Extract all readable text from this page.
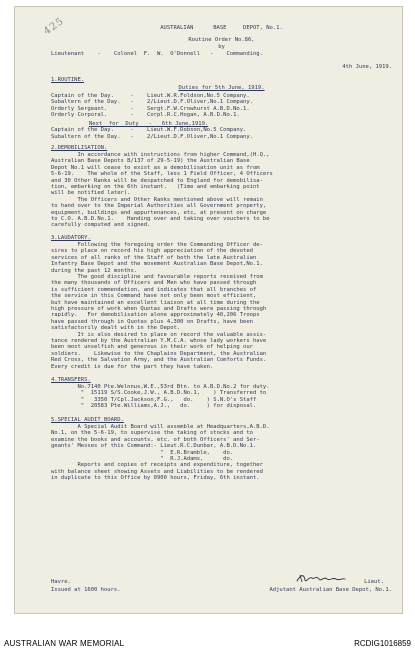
425	AUSTRALIAN      BASE     DEPOT, No.1.
Routine Order No.86,
by
Lieutenant    -    Colonel  F.  W.  O'Donnell   -    Commanding.
4th June, 1919.
1.ROUTINE.
Duties for 5th June, 1919.
Captain of the Day.     -    Lieut.W.R.Foldson,No.5 Company.
Subaltern of the Day.   -    2/Lieut.D.F.Oliver,No.1 Company.
Orderly Sergeant.       -    Sergt.F.W.Crowhurst A.B.D.No.1.
Orderly Corporal.       -    Corpl.R.C.Hogan, A.B.D.No.1.
Next  for  Duty   -   6th June,1919.
Captain of the Day.     -    Lieut.W.F.Dobson,No.5 Company.
Subaltern of the Day.   -    2/Lieut.D.F.Oliver,No.1 Company.
2.DEMOBILISATION.
In accordance with instructions from higher Command,(H.Q.,
Australian Base Depots B/137 of 29-5-19) the Australian Base
Depot No.1 will cease to exist as a demobilisation unit as from
5-6-19.    The whole of the Staff, less 1 Field Officer, 4 Officers
and 30 Other Ranks will be despatched to England for demobilisa-
tion, embarking on the 6th instant.   (Time and embarking point
will be notified later).
The Officers and Other Ranks mentioned above will remain
to hand over to the Imperial Authorities all Government property,
equipment, buildings and appurtenances, etc, at present on charge
to C.O. A.B.D.No.1.    Handing over and taking over vouchers to be
carefully computed and signed.
3.LAUDATORY.
Following the foregoing order the Commanding Officer de-
sires to place on record his high appreciation of the devoted
services of all ranks of the Staff of both the late Australian
Infantry Base Depot and the movement Australian Base Depot,No.1.
during the past 12 months.
The good discipline and favourable reports received from
the many thousands of Officers and Men who have passed through
is sufficient commendation, and indicates that all branches of
the service in this Command have not only been most efficient,
but have maintained an excellent liaison at all time during the
high pressure of work when Quotas and Drafts were passing through
rapidly.   For demobilisation alone approximately 40,206 Troops
have passed through in Quotas plus 4,300 on Drafts, have been
satisfactorily dealt with in the Depot.
It is also desired to place on record the valuable assis-
tance rendered by the Australian Y.M.C.A. whose lady workers have
been most unselfish and generous in their work of helping our
soldiers.    Likewise to the Chaplains Department, the Australian
Red Cross, the Salvation Army, and the Australian Comforts Funds.
Every credit is due for the part they have taken.
4.TRANSFERS.
No.7140 Pte.Welnnus,W.E.,53rd Btn. to A.B.D.No.2 for duty.
"  15119 S/S.Cooke,J.W., A.B.D.No.1,    ) Transferred to
"   3350 T/Cpl.Jackson,F.G.,   do.    ) S.N.O's Staff
"  20583 Pte.Williams,A.J.,   do.     ) for disposal.
5.SPECIAL AUDIT BOARD.
A Special Audit Board will assemble at Headquarters,A.B.D.
No.1, on the 5-6-19, to supervise the taking of stocks and to
examine the books and accounts, etc. of both Officers' and Ser-
geants' Messes of this Command:- Lieut.R.C.Dunbar, A.B.D.No.1.
"  E.R.Bramble,    do.
"  R.J.Adams,      do.
Reports and copies of receipts and expenditure, together
with balance sheet showing Assets and Liabilities to be rendered
in duplicate to this Office by 0900 hours, Friday, 6th instant.
Havre.	Lieut.
Issued at 1600 hours.	Adjutant Australian Base Depot, No.1.
AUSTRALIAN WAR MEMORIAL	RCDIG1016859
